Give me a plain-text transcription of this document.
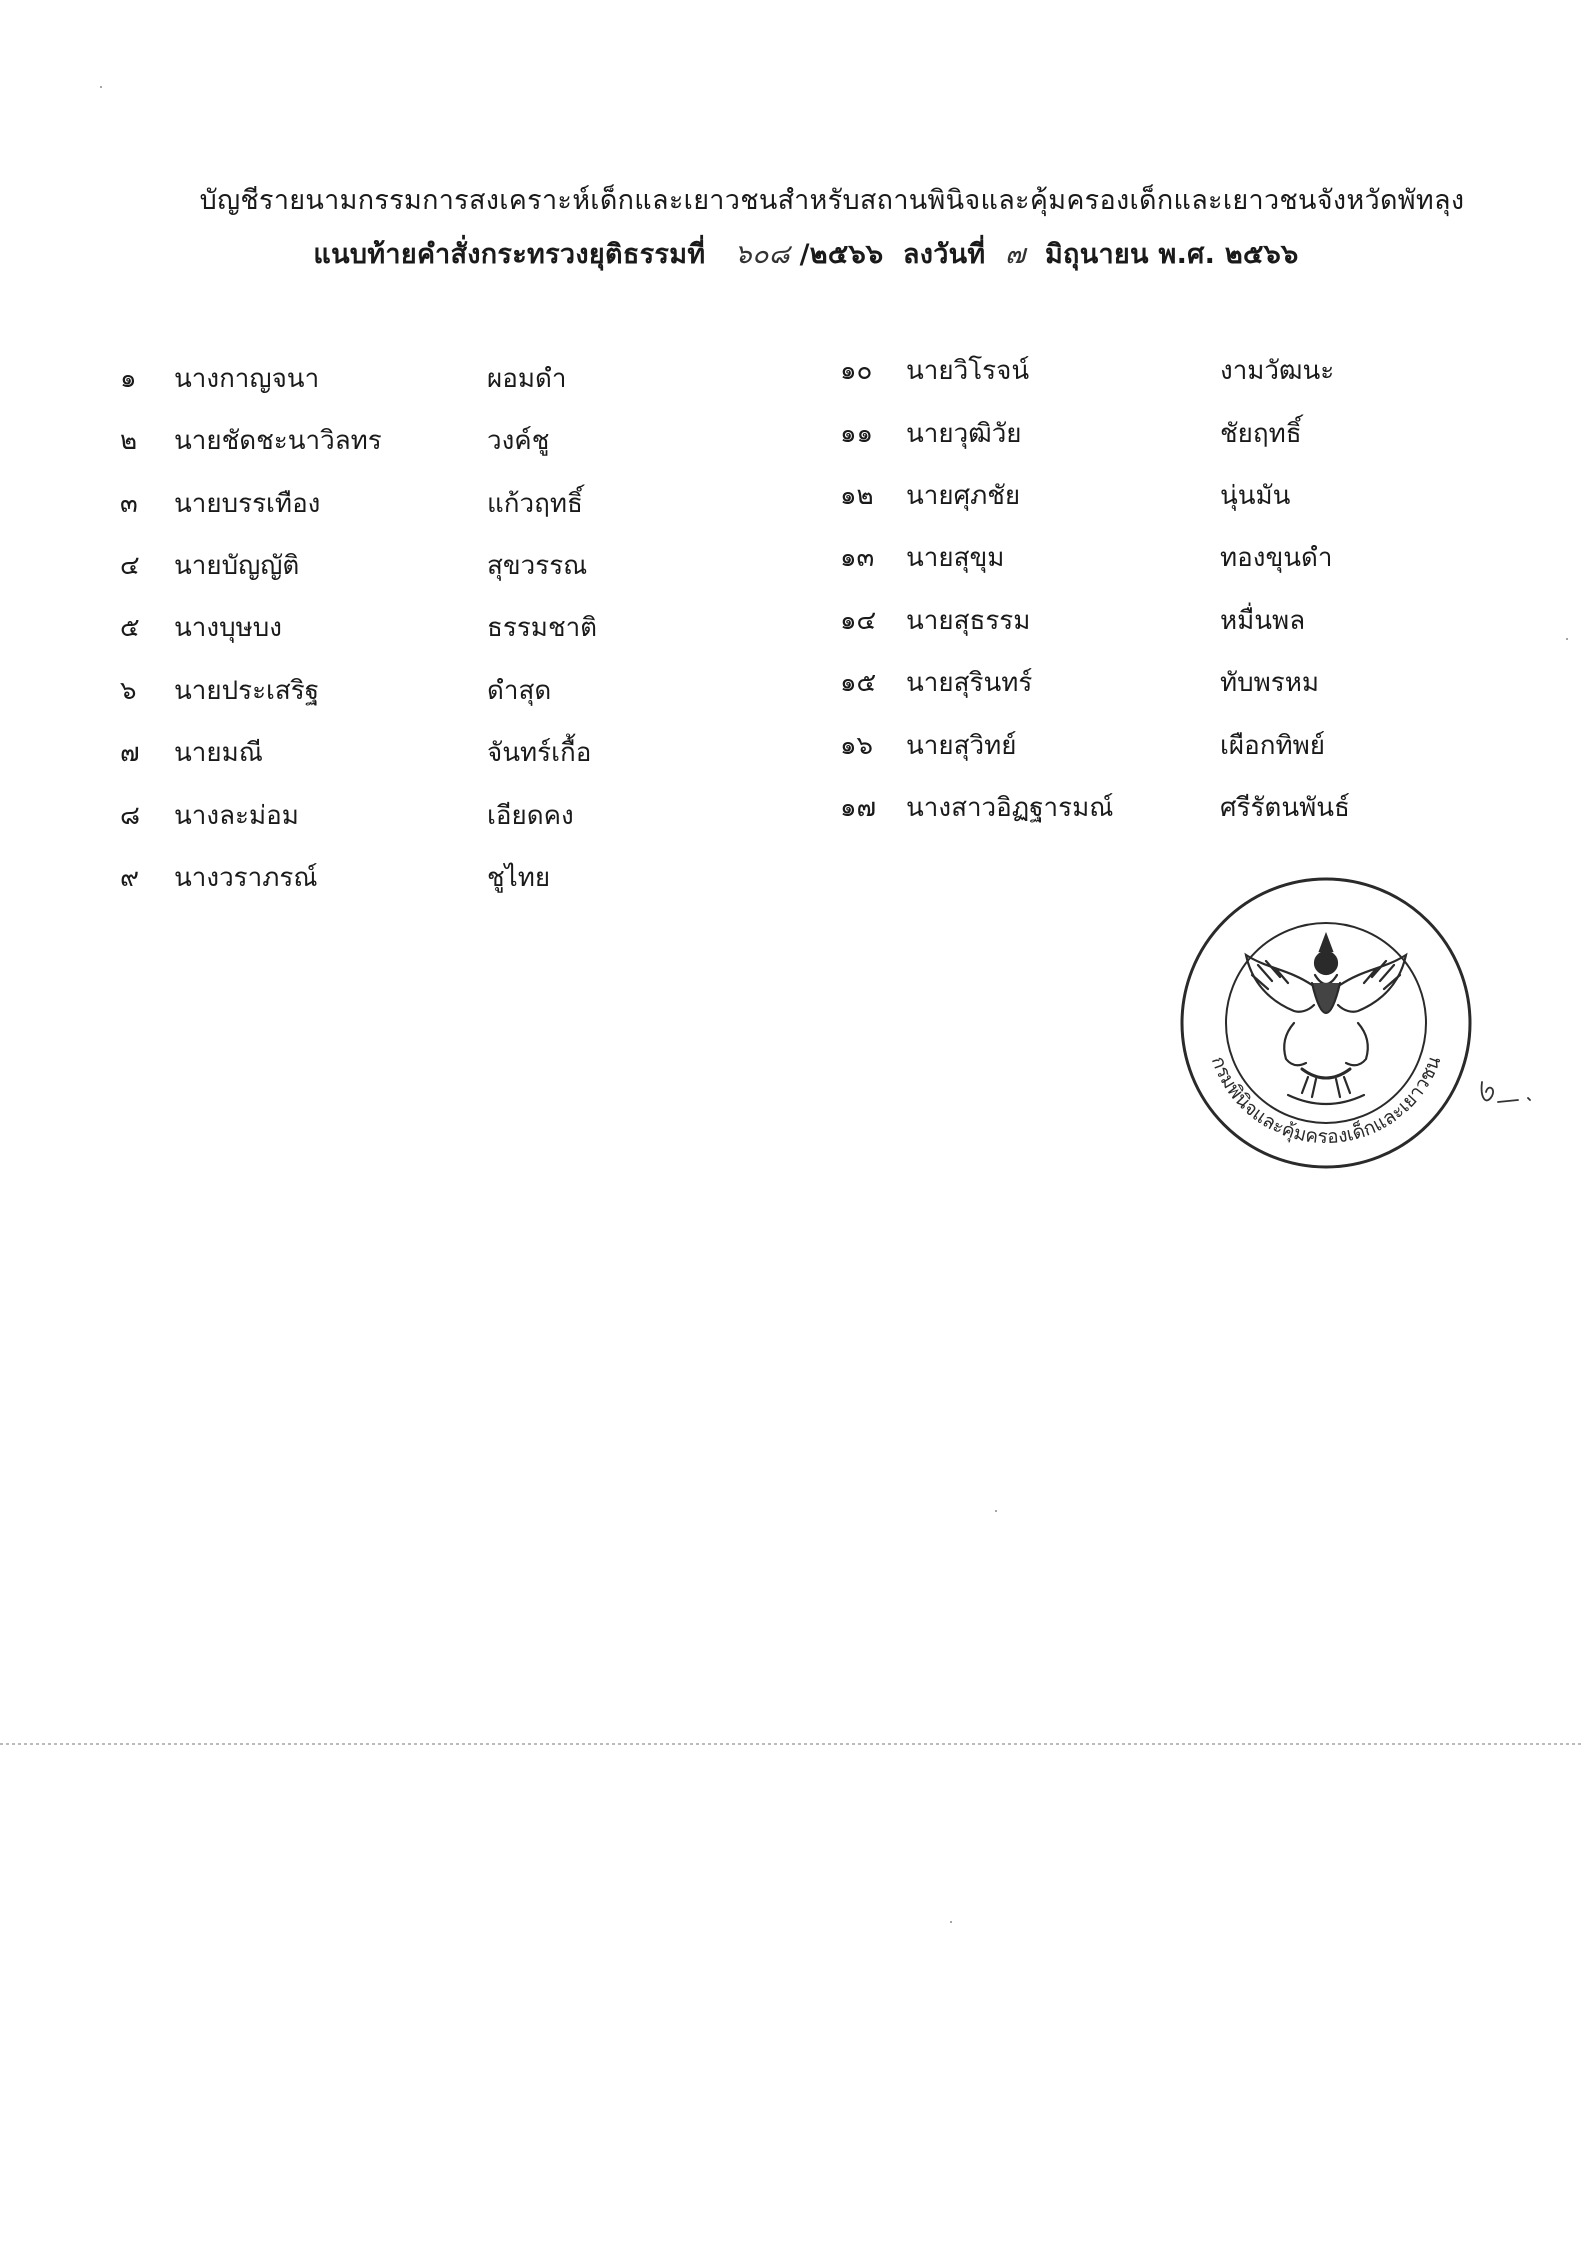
บัญชีรายนามกรรมการสงเคราะห์เด็กและเยาวชนสำหรับสถานพินิจและคุ้มครองเด็กและเยาวชนจังหวัดพัทลุง
แนบท้ายคำสั่งกระทรวงยุติธรรมที่ ๖๐๘ /๒๕๖๖ ลงวันที่ ๗ มิถุนายน พ.ศ. ๒๕๖๖
๑ นางกาญจนา	ผอมดำ
๒ นายชัดชะนาวิลทร	วงค์ชู
๓ นายบรรเทือง	แก้วฤทธิ์
๔ นายบัญญัติ	สุขวรรณ
๕ นางบุษบง	ธรรมชาติ
๖ นายประเสริฐ	ดำสุด
๗ นายมณี	จันทร์เกื้อ
๘ นางละม่อม	เอียดคง
๙ นางวราภรณ์	ชูไทย
๑๐ นายวิโรจน์	งามวัฒนะ
๑๑ นายวุฒิวัย	ชัยฤทธิ์
๑๒ นายศุภชัย	นุ่นมัน
๑๓ นายสุขุม	ทองขุนดำ
๑๔ นายสุธรรม	หมื่นพล
๑๕ นายสุรินทร์	ทับพรหม
๑๖ นายสุวิทย์	เผือกทิพย์
๑๗ นางสาวอิฏฐารมณ์	ศรีรัตนพันธ์
กรมพินิจและคุ้มครองเด็กและเยาวชน
